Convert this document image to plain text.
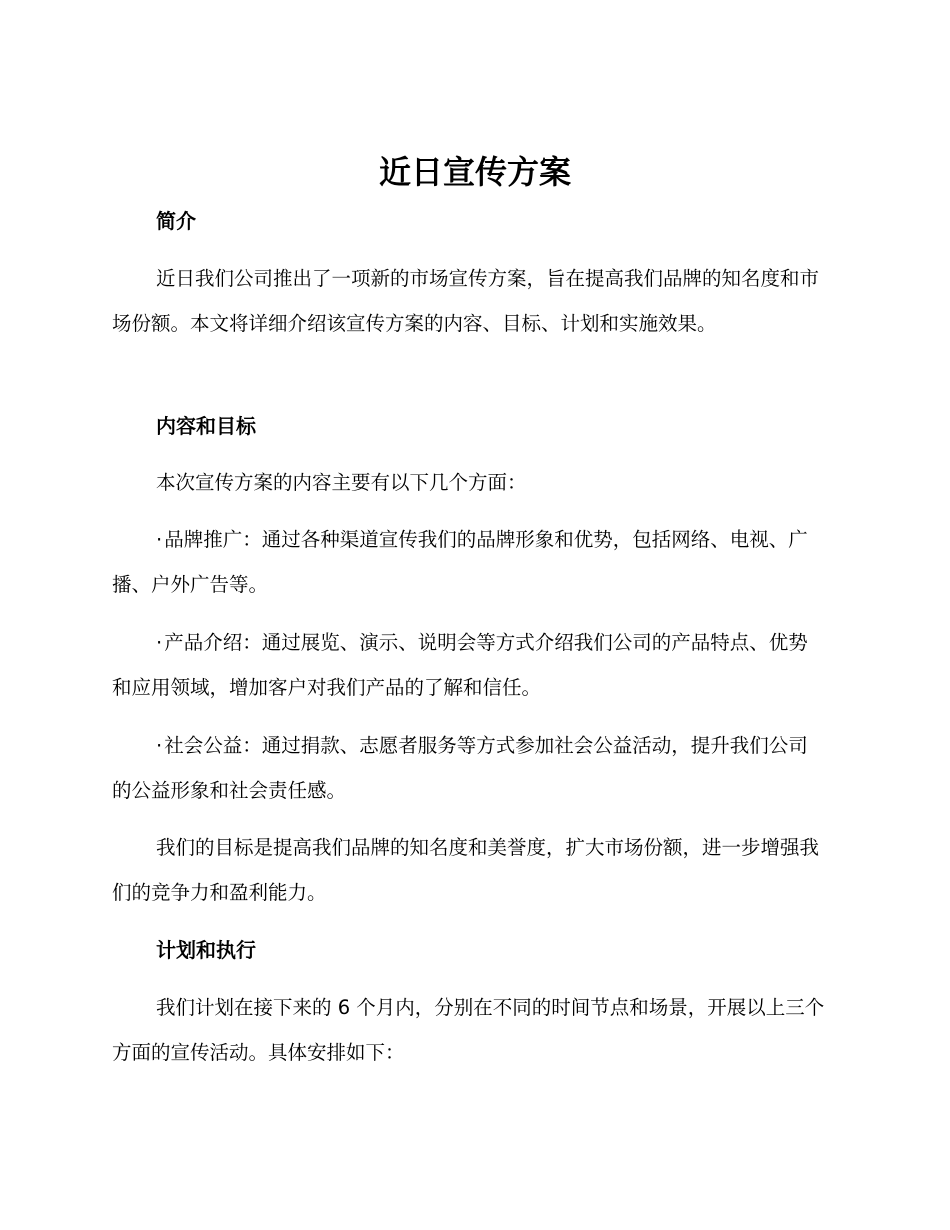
近日宣传方案
简介

近日我们公司推出了一项新的市场宣传方案，旨在提高我们品牌的知名度和市场份额。本文将详细介绍该宣传方案的内容、目标、计划和实施效果。

内容和目标

本次宣传方案的内容主要有以下几个方面：

· 品牌推广：通过各种渠道宣传我们的品牌形象和优势，包括网络、电视、广播、户外广告等。

· 产品介绍：通过展览、演示、说明会等方式介绍我们公司的产品特点、优势和应用领域，增加客户对我们产品的了解和信任。

· 社会公益：通过捐款、志愿者服务等方式参加社会公益活动，提升我们公司的公益形象和社会责任感。

我们的目标是提高我们品牌的知名度和美誉度，扩大市场份额，进一步增强我们的竞争力和盈利能力。

计划和执行

我们计划在接下来的 6 个月内，分别在不同的时间节点和场景，开展以上三个方面的宣传活动。具体安排如下：
